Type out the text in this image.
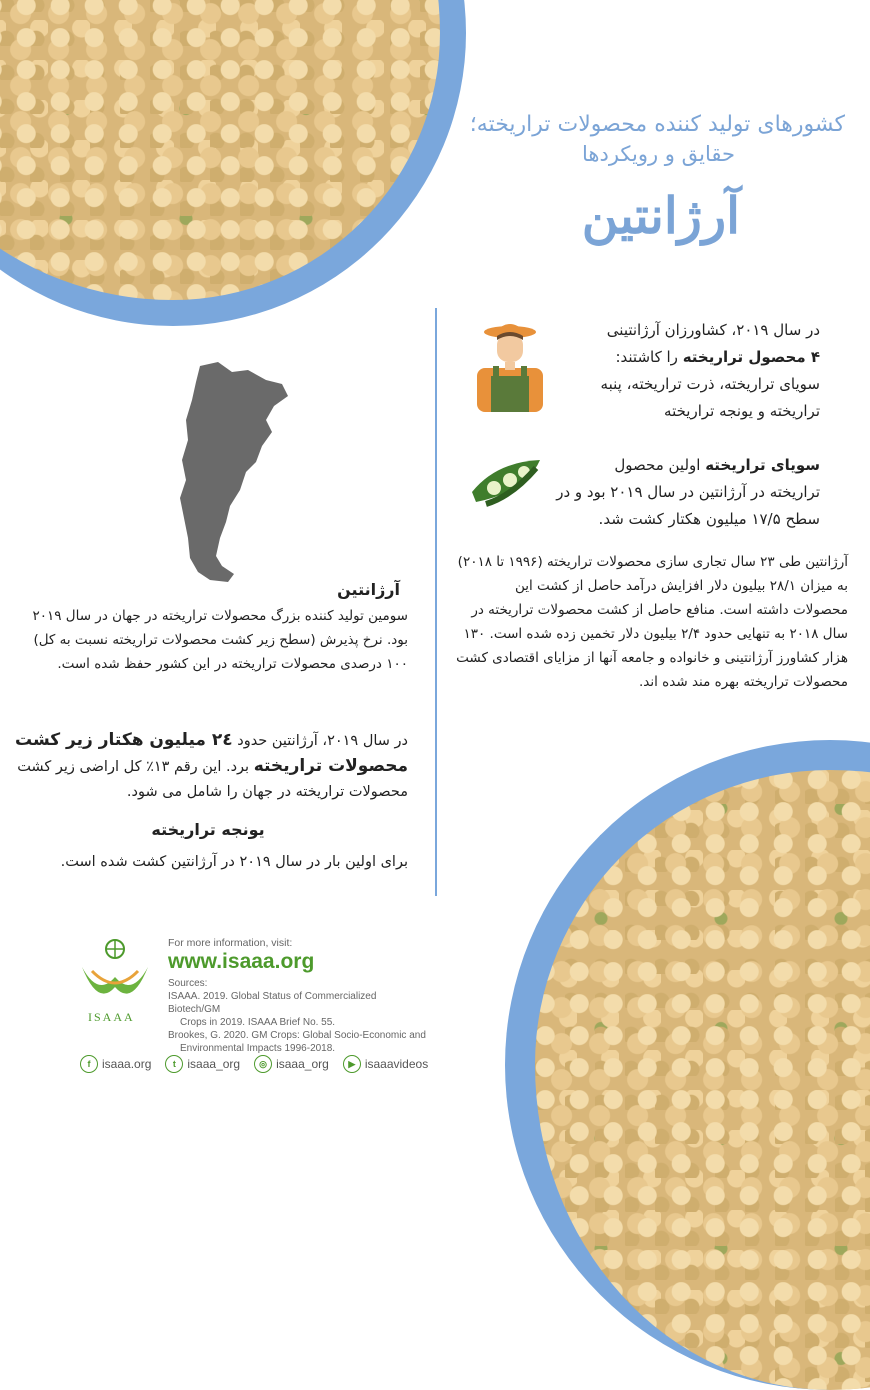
کشورهای تولید کننده محصولات تراریخته؛
حقایق و رویکردها
آرژانتین
در سال ۲۰۱۹، کشاورزان آرژانتینی
۴ محصول تراریخته را کاشتند:
سویای تراریخته، ذرت تراریخته، پنبه
تراریخته و یونجه تراریخته
سویای تراریخته اولین محصول
تراریخته در آرژانتین در سال ۲۰۱۹ بود و در
سطح ۱۷/۵ میلیون هکتار کشت شد.
آرژانتین طی ۲۳ سال تجاری سازی محصولات تراریخته (۱۹۹۶ تا ۲۰۱۸) به میزان ۲۸/۱ بیلیون دلار افزایش درآمد حاصل از کشت این محصولات داشته است. منافع حاصل از کشت محصولات تراریخته در سال ۲۰۱۸ به تنهایی حدود ۲/۴ بیلیون دلار تخمین زده شده است. ۱۳۰ هزار کشاورز آرژانتینی و خانواده و جامعه آنها از مزایای اقتصادی کشت محصولات تراریخته بهره مند شده اند.
آرژانتین
سومین تولید کننده بزرگ محصولات تراریخته در جهان در سال ۲۰۱۹ بود. نرخ پذیرش (سطح زیر کشت محصولات تراریخته نسبت به کل) ۱۰۰ درصدی محصولات تراریخته در این کشور حفظ شده است.
در سال ۲۰۱۹، آرژانتین حدود ۲٤ میلیون هکتار زیر کشت محصولات تراریخته برد. این رقم ۱۳٪ کل اراضی زیر کشت محصولات تراریخته در جهان را شامل می شود.
یونجه تراریخته
برای اولین بار در سال ۲۰۱۹ در آرژانتین کشت شده است.
ISAAA
For more information, visit:
www.isaaa.org
Sources:
ISAAA. 2019. Global Status of Commercialized Biotech/GM
Crops in 2019. ISAAA Brief No. 55.
Brookes, G. 2020. GM Crops: Global Socio-Economic and
Environmental Impacts 1996-2018.
f isaaa.org	t isaaa_org	◎ isaaa_org	▶ isaaavideos
